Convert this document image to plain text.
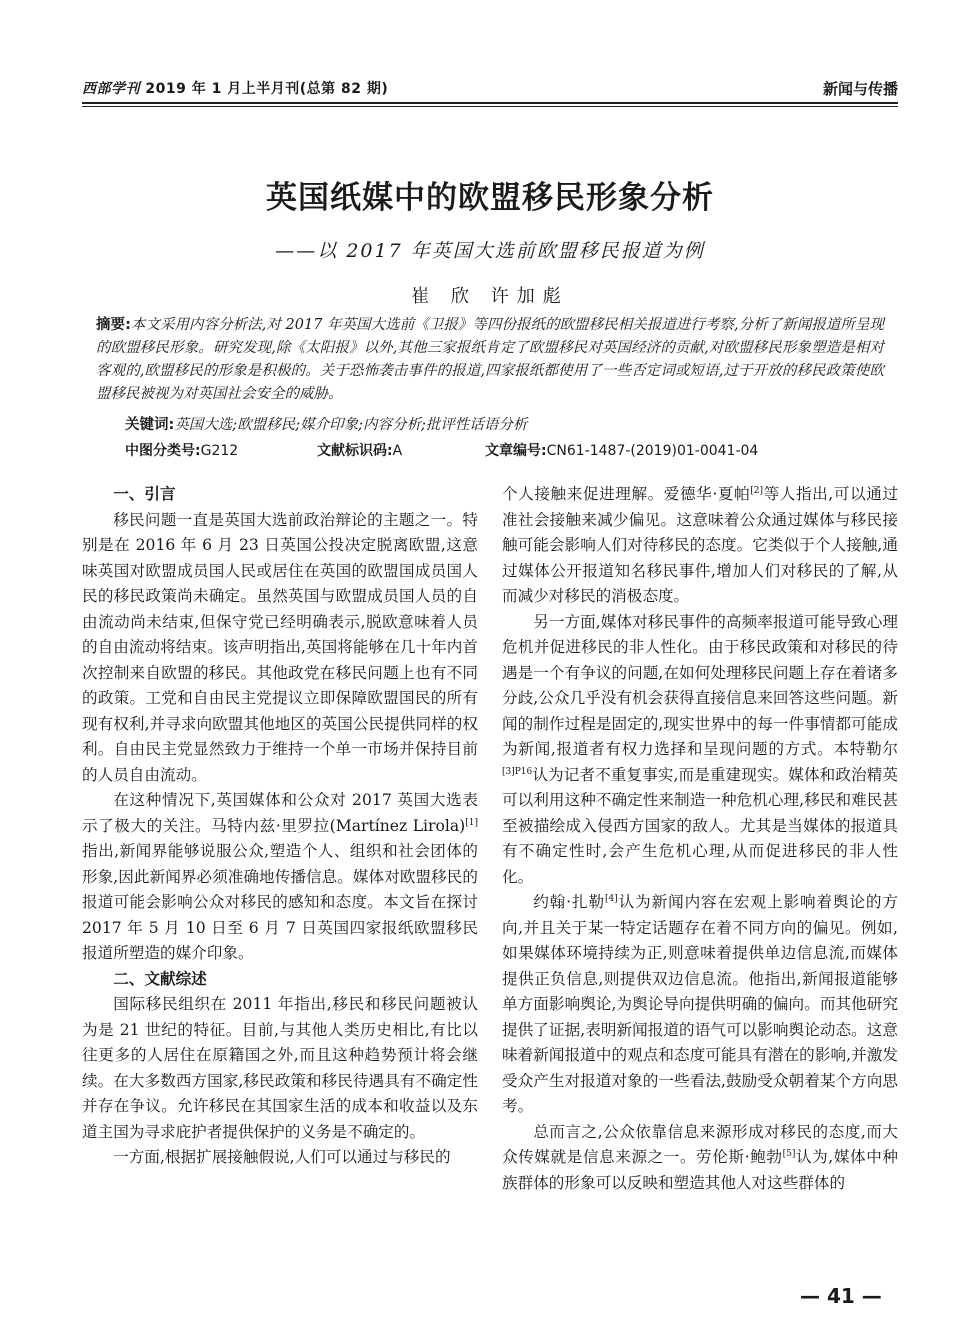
西部学刊 2019 年 1 月上半月刊(总第 82 期)	新闻与传播
英国纸媒中的欧盟移民形象分析
——以 2017 年英国大选前欧盟移民报道为例
崔 欣 许加彪
摘要:本文采用内容分析法,对 2017 年英国大选前《卫报》等四份报纸的欧盟移民相关报道进行考察,分析了新闻报道所呈现的欧盟移民形象。研究发现,除《太阳报》以外,其他三家报纸肯定了欧盟移民对英国经济的贡献,对欧盟移民形象塑造是相对客观的,欧盟移民的形象是积极的。关于恐怖袭击事件的报道,四家报纸都使用了一些否定词或短语,过于开放的移民政策使欧盟移民被视为对英国社会安全的威胁。
关键词:英国大选;欧盟移民;媒介印象;内容分析;批评性话语分析
中图分类号:G212	文献标识码:A	文章编号:CN61-1487-(2019)01-0041-04
一、引言

移民问题一直是英国大选前政治辩论的主题之一。特别是在 2016 年 6 月 23 日英国公投决定脱离欧盟,这意味英国对欧盟成员国人民或居住在英国的欧盟国成员国人民的移民政策尚未确定。虽然英国与欧盟成员国人员的自由流动尚未结束,但保守党已经明确表示,脱欧意味着人员的自由流动将结束。该声明指出,英国将能够在几十年内首次控制来自欧盟的移民。其他政党在移民问题上也有不同的政策。工党和自由民主党提议立即保障欧盟国民的所有现有权利,并寻求向欧盟其他地区的英国公民提供同样的权利。自由民主党显然致力于维持一个单一市场并保持目前的人员自由流动。

在这种情况下,英国媒体和公众对 2017 英国大选表示了极大的关注。马特内兹·里罗拉(Martínez Lirola)[1]指出,新闻界能够说服公众,塑造个人、组织和社会团体的形象,因此新闻界必须准确地传播信息。媒体对欧盟移民的报道可能会影响公众对移民的感知和态度。本文旨在探讨 2017 年 5 月 10 日至 6 月 7 日英国四家报纸欧盟移民报道所塑造的媒介印象。

二、文献综述

国际移民组织在 2011 年指出,移民和移民问题被认为是 21 世纪的特征。目前,与其他人类历史相比,有比以往更多的人居住在原籍国之外,而且这种趋势预计将会继续。在大多数西方国家,移民政策和移民待遇具有不确定性并存在争议。允许移民在其国家生活的成本和收益以及东道主国为寻求庇护者提供保护的义务是不确定的。

一方面,根据扩展接触假说,人们可以通过与移民的

个人接触来促进理解。爱德华·夏帕[2]等人指出,可以通过准社会接触来减少偏见。这意味着公众通过媒体与移民接触可能会影响人们对待移民的态度。它类似于个人接触,通过媒体公开报道知名移民事件,增加人们对移民的了解,从而减少对移民的消极态度。

另一方面,媒体对移民事件的高频率报道可能导致心理危机并促进移民的非人性化。由于移民政策和对移民的待遇是一个有争议的问题,在如何处理移民问题上存在着诸多分歧,公众几乎没有机会获得直接信息来回答这些问题。新闻的制作过程是固定的,现实世界中的每一件事情都可能成为新闻,报道者有权力选择和呈现问题的方式。本特勒尔$^{[3]P16}$认为记者不重复事实,而是重建现实。媒体和政治精英可以利用这种不确定性来制造一种危机心理,移民和难民甚至被描绘成入侵西方国家的敌人。尤其是当媒体的报道具有不确定性时,会产生危机心理,从而促进移民的非人性化。

约翰·扎勒[4]认为新闻内容在宏观上影响着舆论的方向,并且关于某一特定话题存在着不同方向的偏见。例如,如果媒体环境持续为正,则意味着提供单边信息流,而媒体提供正负信息,则提供双边信息流。他指出,新闻报道能够单方面影响舆论,为舆论导向提供明确的偏向。而其他研究提供了证据,表明新闻报道的语气可以影响舆论动态。这意味着新闻报道中的观点和态度可能具有潜在的影响,并激发受众产生对报道对象的一些看法,鼓励受众朝着某个方向思考。

总而言之,公众依靠信息来源形成对移民的态度,而大众传媒就是信息来源之一。劳伦斯·鲍勃[5]认为,媒体中种族群体的形象可以反映和塑造其他人对这些群体的

— 41 —
